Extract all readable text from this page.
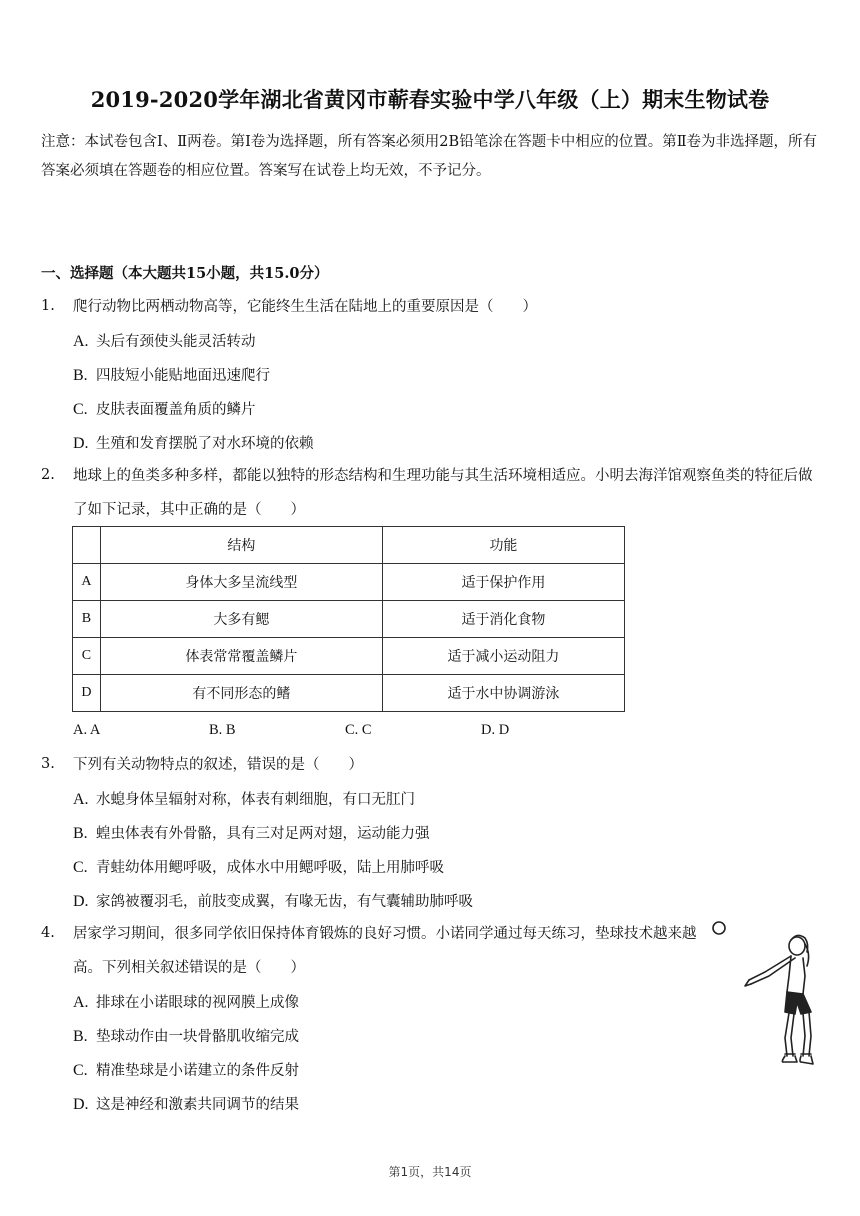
2019-2020学年湖北省黄冈市蕲春实验中学八年级（上）期末生物试卷
注意：本试卷包含Ⅰ、Ⅱ两卷。第Ⅰ卷为选择题，所有答案必须用2B铅笔涂在答题卡中相应的位置。第Ⅱ卷为非选择题，所有答案必须填在答题卷的相应位置。答案写在试卷上均无效，不予记分。
一、选择题（本大题共15小题，共15.0分）
1. 爬行动物比两栖动物高等，它能终生生活在陆地上的重要原因是（　　）
A. 头后有颈使头能灵活转动
B. 四肢短小能贴地面迅速爬行
C. 皮肤表面覆盖角质的鳞片
D. 生殖和发育摆脱了对水环境的依赖
2. 地球上的鱼类多种多样，都能以独特的形态结构和生理功能与其生活环境相适应。小明去海洋馆观察鱼类的特征后做了如下记录，其中正确的是（　　）
	结构	功能
A	身体大多呈流线型	适于保护作用
B	大多有鳃	适于消化食物
C	体表常常覆盖鳞片	适于减小运动阻力
D	有不同形态的鳍	适于水中协调游泳
A. A	B. B	C. C	D. D
3. 下列有关动物特点的叙述，错误的是（　　）
A. 水螅身体呈辐射对称，体表有刺细胞，有口无肛门
B. 蝗虫体表有外骨骼，具有三对足两对翅，运动能力强
C. 青蛙幼体用鳃呼吸，成体水中用鳃呼吸，陆上用肺呼吸
D. 家鸽被覆羽毛，前肢变成翼，有喙无齿，有气囊辅助肺呼吸
4. 居家学习期间，很多同学依旧保持体育锻炼的良好习惯。小诺同学通过每天练习，垫球技术越来越高。下列相关叙述错误的是（　　）
A. 排球在小诺眼球的视网膜上成像
B. 垫球动作由一块骨骼肌收缩完成
C. 精准垫球是小诺建立的条件反射
D. 这是神经和激素共同调节的结果
第1页，共14页
